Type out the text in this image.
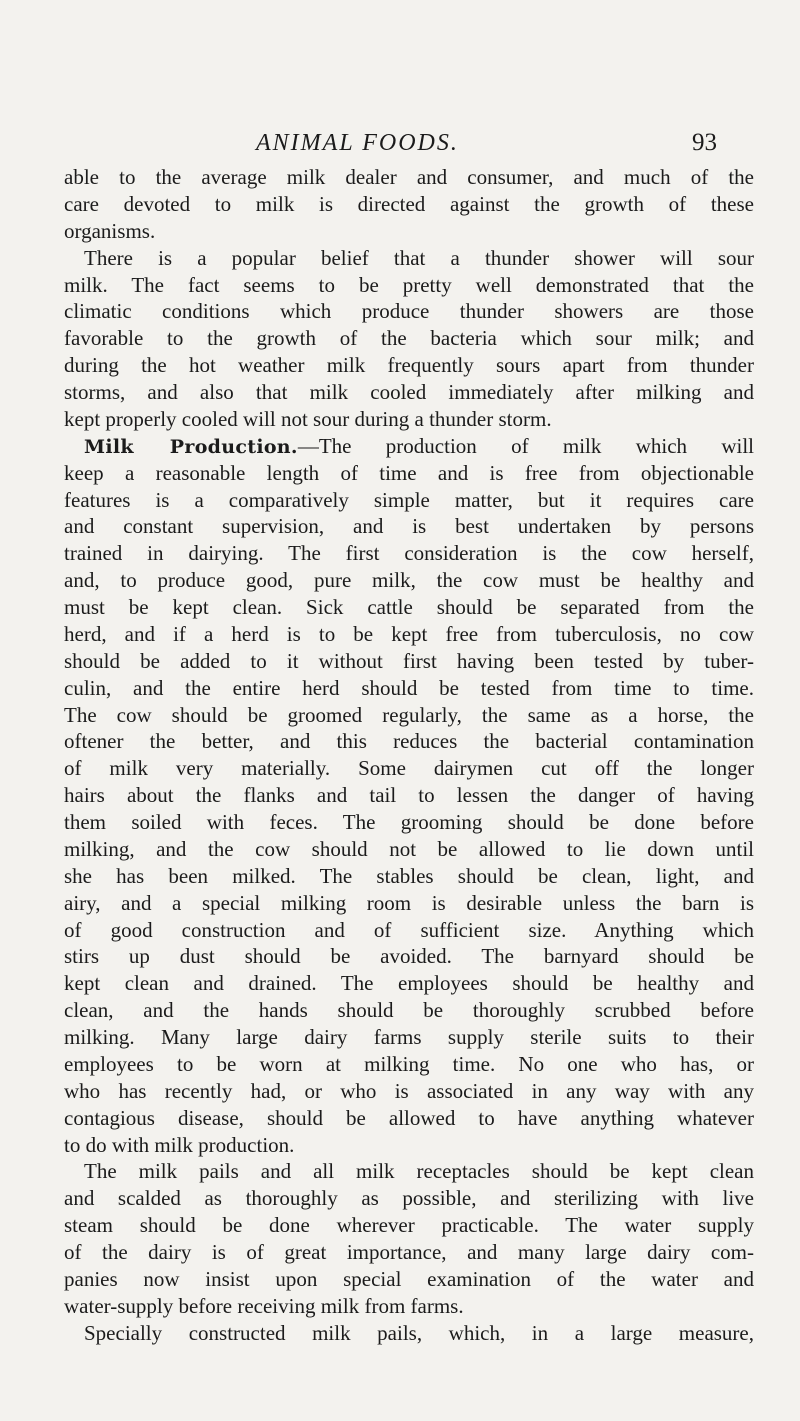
ANIMAL FOODS.	93
able to the average milk dealer and consumer, and much of the
care devoted to milk is directed against the growth of these
organisms.
There is a popular belief that a thunder shower will sour
milk. The fact seems to be pretty well demonstrated that the
climatic conditions which produce thunder showers are those
favorable to the growth of the bacteria which sour milk; and
during the hot weather milk frequently sours apart from thunder
storms, and also that milk cooled immediately after milking and
kept properly cooled will not sour during a thunder storm.
Milk Production.—The production of milk which will
keep a reasonable length of time and is free from objectionable
features is a comparatively simple matter, but it requires care
and constant supervision, and is best undertaken by persons
trained in dairying. The first consideration is the cow herself,
and, to produce good, pure milk, the cow must be healthy and
must be kept clean. Sick cattle should be separated from the
herd, and if a herd is to be kept free from tuberculosis, no cow
should be added to it without first having been tested by tuber-
culin, and the entire herd should be tested from time to time.
The cow should be groomed regularly, the same as a horse, the
oftener the better, and this reduces the bacterial contamination
of milk very materially. Some dairymen cut off the longer
hairs about the flanks and tail to lessen the danger of having
them soiled with feces. The grooming should be done before
milking, and the cow should not be allowed to lie down until
she has been milked. The stables should be clean, light, and
airy, and a special milking room is desirable unless the barn is
of good construction and of sufficient size. Anything which
stirs up dust should be avoided. The barnyard should be
kept clean and drained. The employees should be healthy and
clean, and the hands should be thoroughly scrubbed before
milking. Many large dairy farms supply sterile suits to their
employees to be worn at milking time. No one who has, or
who has recently had, or who is associated in any way with any
contagious disease, should be allowed to have anything whatever
to do with milk production.
The milk pails and all milk receptacles should be kept clean
and scalded as thoroughly as possible, and sterilizing with live
steam should be done wherever practicable. The water supply
of the dairy is of great importance, and many large dairy com-
panies now insist upon special examination of the water and
water-supply before receiving milk from farms.
Specially constructed milk pails, which, in a large measure,
